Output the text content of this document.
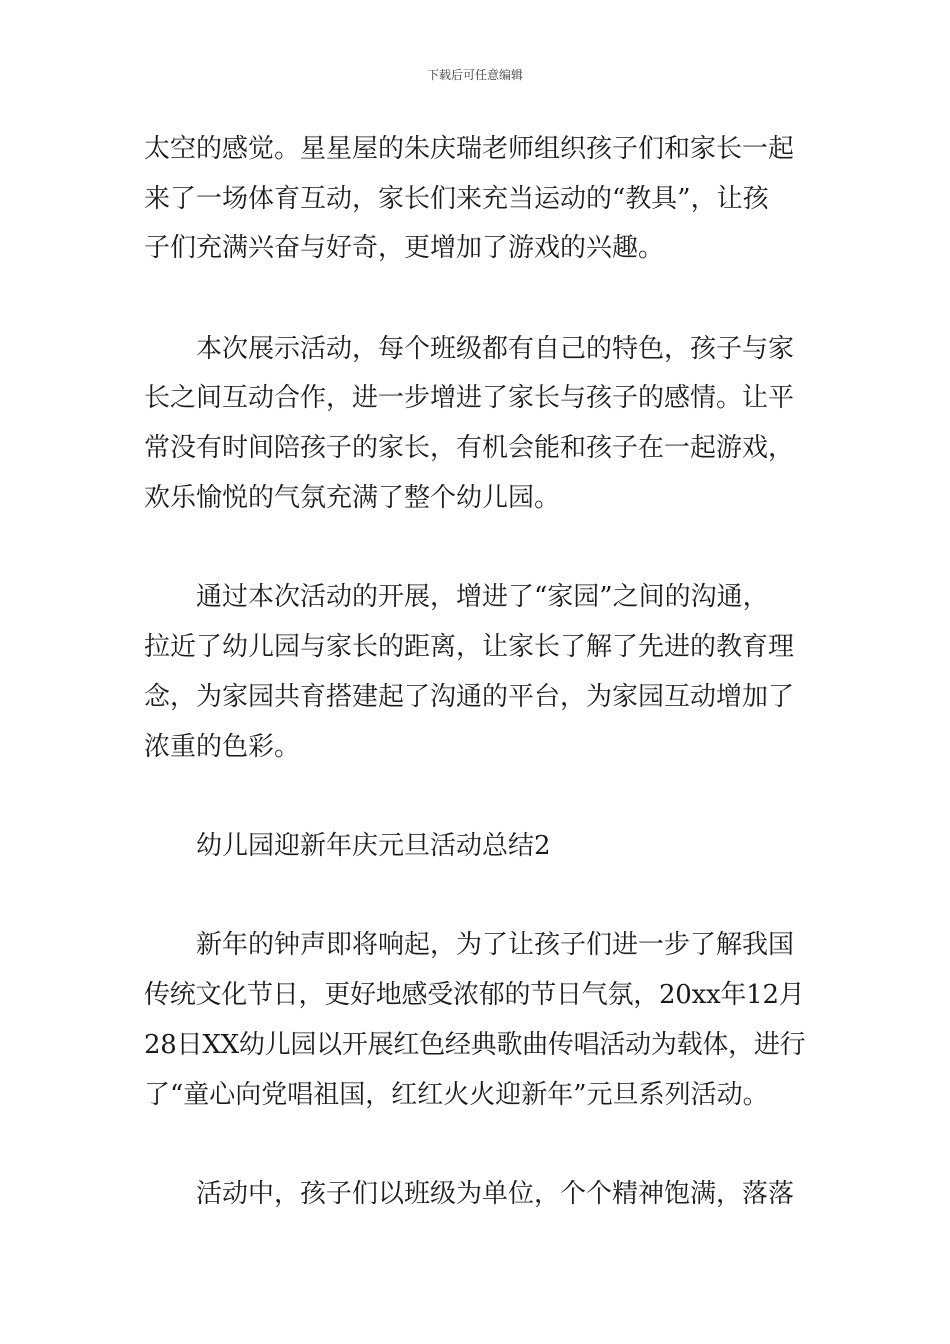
下载后可任意编辑
太空的感觉。星星屋的朱庆瑞老师组织孩子们和家长一起
来了一场体育互动，家长们来充当运动的“教具”，让孩
子们充满兴奋与好奇，更增加了游戏的兴趣。
本次展示活动，每个班级都有自己的特色，孩子与家
长之间互动合作，进一步增进了家长与孩子的感情。让平
常没有时间陪孩子的家长，有机会能和孩子在一起游戏，
欢乐愉悦的气氛充满了整个幼儿园。
通过本次活动的开展，增进了“家园”之间的沟通，
拉近了幼儿园与家长的距离，让家长了解了先进的教育理
念，为家园共育搭建起了沟通的平台，为家园互动增加了
浓重的色彩。
幼儿园迎新年庆元旦活动总结2
新年的钟声即将响起，为了让孩子们进一步了解我国
传统文化节日，更好地感受浓郁的节日气氛，20xx年12月
28日XX幼儿园以开展红色经典歌曲传唱活动为载体，进行
了“童心向党唱祖国，红红火火迎新年”元旦系列活动。
活动中，孩子们以班级为单位，个个精神饱满，落落
